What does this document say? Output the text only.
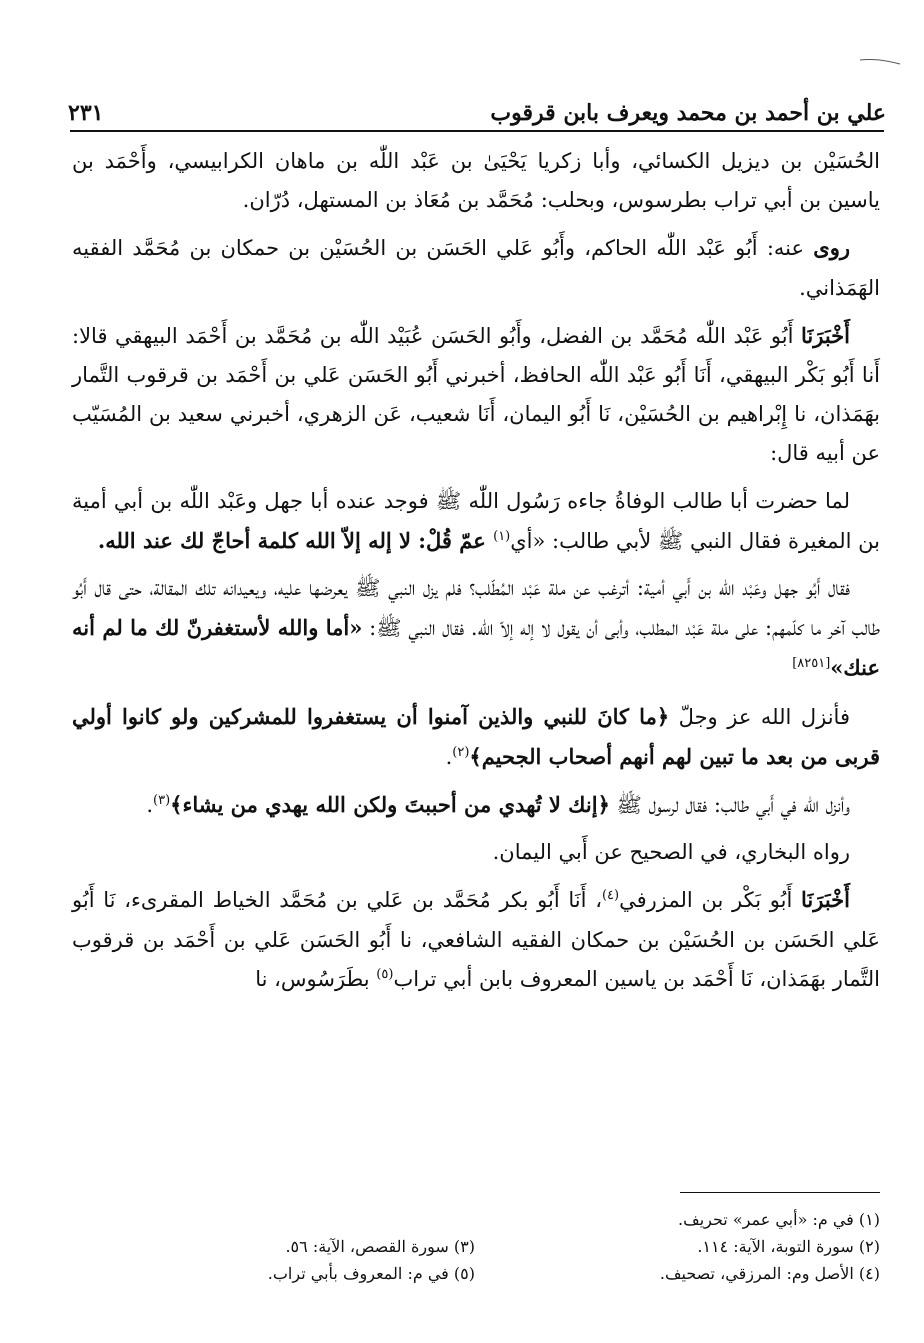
علي بن أحمد بن محمد ويعرف بابن قرقوب
٢٣١

الحُسَيْن بن ديزيل الكسائي، وأبا زكريا يَحْيَىٰ بن عَبْد اللّٰه بن ماهان الكرابيسي، وأَحْمَد بن ياسين بن أبي تراب بطرسوس، وبحلب: مُحَمَّد بن مُعَاذ بن المستهل، دُرّان.

روى عنه: أَبُو عَبْد اللّٰه الحاكم، وأَبُو عَلي الحَسَن بن الحُسَيْن بن حمكان بن مُحَمَّد الفقيه الهَمَذاني.

أَخْبَرَنَا أَبُو عَبْد اللّٰه مُحَمَّد بن الفضل، وأَبُو الحَسَن عُبَيْد اللّٰه بن مُحَمَّد بن أَحْمَد البيهقي قالا: أَنا أَبُو بَكْر البيهقي، أَنَا أَبُو عَبْد اللّٰه الحافظ، أخبرني أَبُو الحَسَن عَلي بن أَحْمَد بن قرقوب التَّمار بهَمَذان، نا إِبْراهيم بن الحُسَيْن، نَا أَبُو اليمان، أَنَا شعيب، عَن الزهري، أخبرني سعيد بن المُسَيّب عن أبيه قال:

لما حضرت أبا طالب الوفاةُ جاءه رَسُول اللّٰه ﷺ فوجد عنده أبا جهل وعَبْد اللّٰه بن أبي أمية بن المغيرة فقال النبي ﷺ لأبي طالب: «أي$^{(١)}$ عمّ قُلْ: لا إله إلاّ الله كلمة أحاجّ لك عند الله.

فقال أَبُو جهل وعَبْد اللّٰه بن أَبي أمية: أترغب عن ملة عَبْد المُطّلب؟ فلم يزل النبي ﷺ يعرضها عليه، ويعيدانه تلك المقالة، حتى قال أَبُو طالب آخر ما كلّمهم: على ملة عَبْد المطلب، وأبى أن يقول لا إله إلاّ الله. فقال النبي ﷺ: «أما والله لأستغفرنّ لك ما لم أنه عنك»[٨٢٥١]

فأنزل الله عز وجلّ ﴿ما كانَ للنبي والذين آمنوا أن يستغفروا للمشركين ولو كانوا أولي قربى من بعد ما تبين لهم أنهم أصحاب الجحيم﴾$^{(٢)}$.

وأنزل الله في أَبي طالب: فقال لرسول ﷺ ﴿إنك لا تُهدي من أحببتَ ولكن الله يهدي من يشاء﴾$^{(٣)}$.

رواه البخاري، في الصحيح عن أَبي اليمان.

أَخْبَرَنَا أَبُو بَكْر بن المزرفي$^{(٤)}$، أَنَا أَبُو بكر مُحَمَّد بن عَلي بن مُحَمَّد الخياط المقرىء، نَا أَبُو عَلي الحَسَن بن الحُسَيْن بن حمكان الفقيه الشافعي، نا أَبُو الحَسَن عَلي بن أَحْمَد بن قرقوب التَّمار بهَمَذان، نَا أَحْمَد بن ياسين المعروف بابن أبي تراب$^{(٥)}$ بطَرَسُوس، نا

(١) في م: «أبي عمر» تحريف.
(٢) سورة التوبة، الآية: ١١٤.
(٣) سورة القصص، الآية: ٥٦.
(٤) الأصل وم: المرزقي، تصحيف.
(٥) في م: المعروف بأبي تراب.
